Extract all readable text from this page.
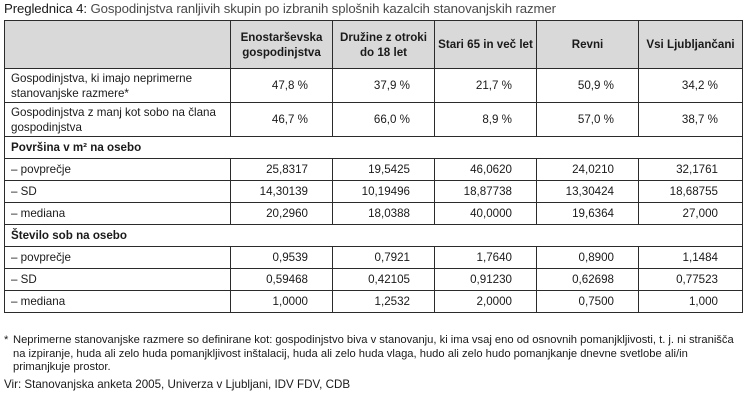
Preglednica 4: Gospodinjstva ranljivih skupin po izbranih splošnih kazalcih stanovanjskih razmer
	Enostarševska gospodinjstva	Družine z otroki do 18 let	Stari 65 in več let	Revni	Vsi Ljubljančani
Gospodinjstva, ki imajo neprimerne stanovanjske razmere*	47,8 %	37,9 %	21,7 %	50,9 %	34,2 %
Gospodinjstva z manj kot sobo na člana gospodinjstva	46,7 %	66,0 %	8,9 %	57,0 %	38,7 %
Površina v m² na osebo					
– povprečje	25,8317	19,5425	46,0620	24,0210	32,1761
– SD	14,30139	10,19496	18,87738	13,30424	18,68755
– mediana	20,2960	18,0388	40,0000	19,6364	27,000
Število sob na osebo					
– povprečje	0,9539	0,7921	1,7640	0,8900	1,1484
– SD	0,59468	0,42105	0,91230	0,62698	0,77523
– mediana	1,0000	1,2532	2,0000	0,7500	1,000
* Neprimerne stanovanjske razmere so definirane kot: gospodinjstvo biva v stanovanju, ki ima vsaj eno od osnovnih pomanjkljivosti, t. j. ni stranišča na izpiranje, huda ali zelo huda pomanjkljivost inštalacij, huda ali zelo huda vlaga, hudo ali zelo hudo pomanjkanje dnevne svetlobe ali/in primanjkuje prostor.
Vir: Stanovanjska anketa 2005, Univerza v Ljubljani, IDV FDV, CDB
